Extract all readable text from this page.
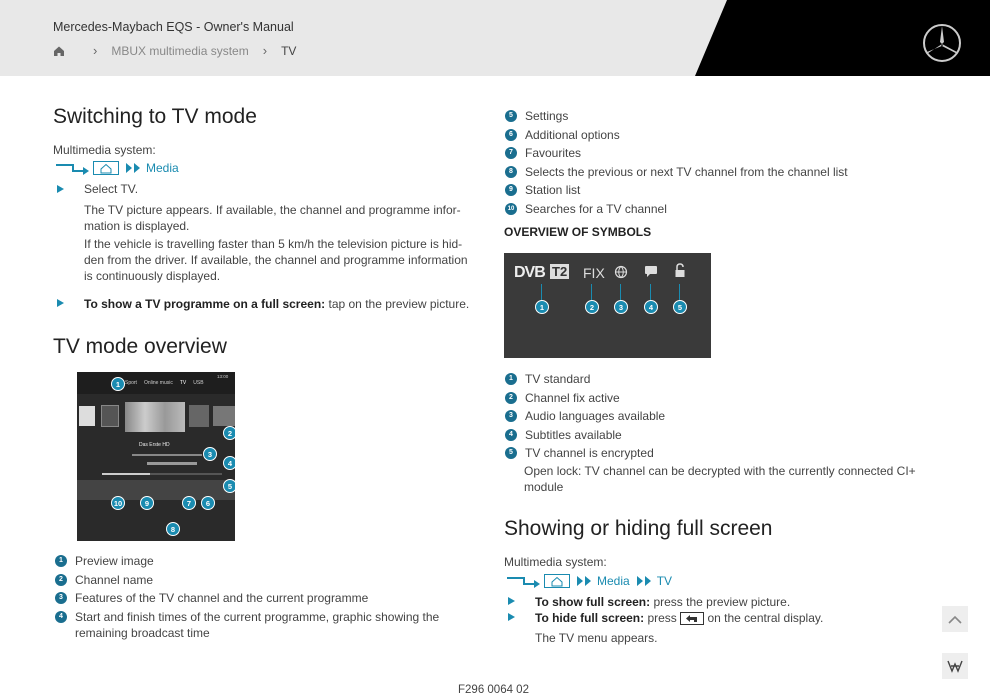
Mercedes-Maybach EQS - Owner's Manual
› MBUX multimedia system › TV
Switching to TV mode
Multimedia system:
Media
Select TV.
The TV picture appears. If available, the channel and programme infor-mation is displayed.
If the vehicle is travelling faster than 5 km/h the television picture is hid-den from the driver. If available, the channel and programme information is continuously displayed.
To show a TV programme on a full screen: tap on the preview picture.
TV mode overview
Sport Online music TV USB
13:00
Das Erste HD
1
2
3
4
5
6
7
8
9
10
1	Preview image
2	Channel name
3	Features of the TV channel and the current programme
4	Start and finish times of the current programme, graphic showing the remaining broadcast time
5	Settings
6	Additional options
7	Favourites
8	Selects the previous or next TV channel from the channel list
9	Station list
10 Searches for a TV channel
OVERVIEW OF SYMBOLS
DVB T2 FIX
1	2	3	4	5
1	TV standard
2	Channel fix active
3	Audio languages available
4	Subtitles available
5	TV channel is encrypted
Open lock: TV channel can be decrypted with the currently connected CI+ module
Showing or hiding full screen
Multimedia system:
Media TV
To show full screen: press the preview picture.
To hide full screen: press on the central display.
The TV menu appears.
F296 0064 02
